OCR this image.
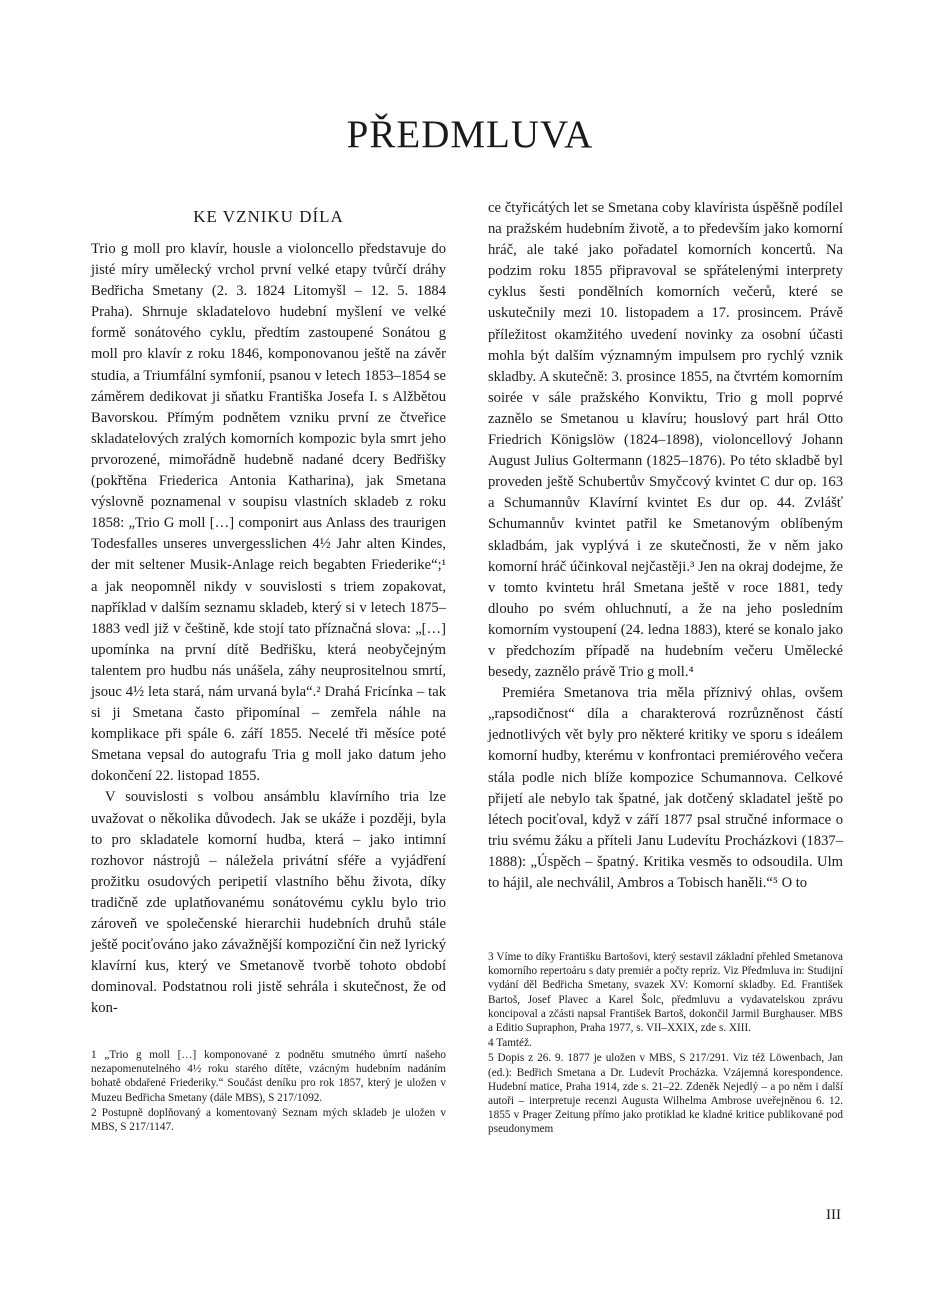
PŘEDMLUVA
KE VZNIKU DÍLA

Trio g moll pro klavír, housle a violoncello představuje do jisté míry umělecký vrchol první velké etapy tvůrčí dráhy Bedřicha Smetany (2. 3. 1824 Litomyšl – 12. 5. 1884 Praha). Shrnuje skladatelovo hudební myšlení ve velké formě sonátového cyklu, předtím zastoupené Sonátou g moll pro klavír z roku 1846, komponovanou ještě na závěr studia, a Triumfální symfonií, psanou v letech 1853–1854 se záměrem dedikovat ji sňatku Františka Josefa I. s Alžbětou Bavorskou. Přímým podnětem vzniku první ze čtveřice skladatelových zralých komorních kompozic byla smrt jeho prvorozené, mimořádně hudebně nadané dcery Bedřišky (pokřtěna Friederica Antonia Katharina), jak Smetana výslovně poznamenal v soupisu vlastních skladeb z roku 1858: „Trio G moll […] componirt aus Anlass des traurigen Todesfalles unseres unvergesslichen 4½ Jahr alten Kindes, der mit seltener Musik-Anlage reich begabten Friederike“;¹ a jak neopomněl nikdy v souvislosti s triem zopakovat, například v dalším seznamu skladeb, který si v letech 1875–1883 vedl již v češtině, kde stojí tato příznačná slova: „[…] upomínka na první dítě Bedřišku, která neobyčejným talentem pro hudbu nás unášela, záhy neuprositelnou smrtí, jsouc 4½ leta stará, nám urvaná byla“.² Drahá Fricínka – tak si ji Smetana často připomínal – zemřela náhle na komplikace při spále 6. září 1855. Necelé tři měsíce poté Smetana vepsal do autografu Tria g moll jako datum jeho dokončení 22. listopad 1855.

V souvislosti s volbou ansámblu klavírního tria lze uvažovat o několika důvodech. Jak se ukáže i později, byla to pro skladatele komorní hudba, která – jako intimní rozhovor nástrojů – náležela privátní sféře a vyjádření prožitku osudových peripetií vlastního běhu života, díky tradičně zde uplatňovanému sonátovému cyklu bylo trio zároveň ve společenské hierarchii hudebních druhů stále ještě pociťováno jako závažnější kompoziční čin než lyrický klavírní kus, který ve Smetanově tvorbě tohoto období dominoval. Podstatnou roli jistě sehrála i skutečnost, že od kon-

ce čtyřicátých let se Smetana coby klavírista úspěšně podílel na pražském hudebním životě, a to především jako komorní hráč, ale také jako pořadatel komorních koncertů. Na podzim roku 1855 připravoval se spřátelenými interprety cyklus šesti pondělních komorních večerů, které se uskutečnily mezi 10. listopadem a 17. prosincem. Právě příležitost okamžitého uvedení novinky za osobní účasti mohla být dalším významným impulsem pro rychlý vznik skladby. A skutečně: 3. prosince 1855, na čtvrtém komorním soirée v sále pražského Konviktu, Trio g moll poprvé zaznělo se Smetanou u klavíru; houslový part hrál Otto Friedrich Königslöw (1824–1898), violoncellový Johann August Julius Goltermann (1825–1876). Po této skladbě byl proveden ještě Schubertův Smyčcový kvintet C dur op. 163 a Schumannův Klavírní kvintet Es dur op. 44. Zvlášť Schumannův kvintet patřil ke Smetanovým oblíbeným skladbám, jak vyplývá i ze skutečnosti, že v něm jako komorní hráč účinkoval nejčastěji.³ Jen na okraj dodejme, že v tomto kvintetu hrál Smetana ještě v roce 1881, tedy dlouho po svém ohluchnutí, a že na jeho posledním komorním vystoupení (24. ledna 1883), které se konalo jako v předchozím případě na hudebním večeru Umělecké besedy, zaznělo právě Trio g moll.⁴

Premiéra Smetanova tria měla příznivý ohlas, ovšem „rapsodičnost“ díla a charakterová rozrůzněnost částí jednotlivých vět byly pro některé kritiky ve sporu s ideálem komorní hudby, kterému v konfrontaci premiérového večera stála podle nich blíže kompozice Schumannova. Celkové přijetí ale nebylo tak špatné, jak dotčený skladatel ještě po létech pociťoval, když v září 1877 psal stručné informace o triu svému žáku a příteli Janu Ludevítu Procházkovi (1837–1888): „Úspěch – špatný. Kritika vesměs to odsoudila. Ulm to hájil, ale nechválil, Ambros a Tobisch haněli.“⁵ O to

1 „Trio g moll […] komponované z podnětu smutného úmrtí našeho nezapomenutelného 4½ roku starého dítěte, vzácným hudebním nadáním bohatě obdařené Friederiky.“ Součást deníku pro rok 1857, který je uložen v Muzeu Bedřicha Smetany (dále MBS), S 217/1092.

2 Postupně doplňovaný a komentovaný Seznam mých skladeb je uložen v MBS, S 217/1147.

3 Víme to díky Františku Bartošovi, který sestavil základní přehled Smetanova komorního repertoáru s daty premiér a počty repríz. Viz Předmluva in: Studijní vydání děl Bedřicha Smetany, svazek XV: Komorní skladby. Ed. František Bartoš, Josef Plavec a Karel Šolc, předmluvu a vydavatelskou zprávu koncipoval a zčásti napsal František Bartoš, dokončil Jarmil Burghauser. MBS a Editio Supraphon, Praha 1977, s. VII–XXIX, zde s. XIII.

4 Tamtéž.

5 Dopis z 26. 9. 1877 je uložen v MBS, S 217/291. Viz též Löwenbach, Jan (ed.): Bedřich Smetana a Dr. Ludevít Procházka. Vzájemná korespondence. Hudební matice, Praha 1914, zde s. 21–22. Zdeněk Nejedlý – a po něm i další autoři – interpretuje recenzi Augusta Wilhelma Ambrose uveřejněnou 6. 12. 1855 v Prager Zeitung přímo jako protiklad ke kladné kritice publikované pod pseudonymem

III
